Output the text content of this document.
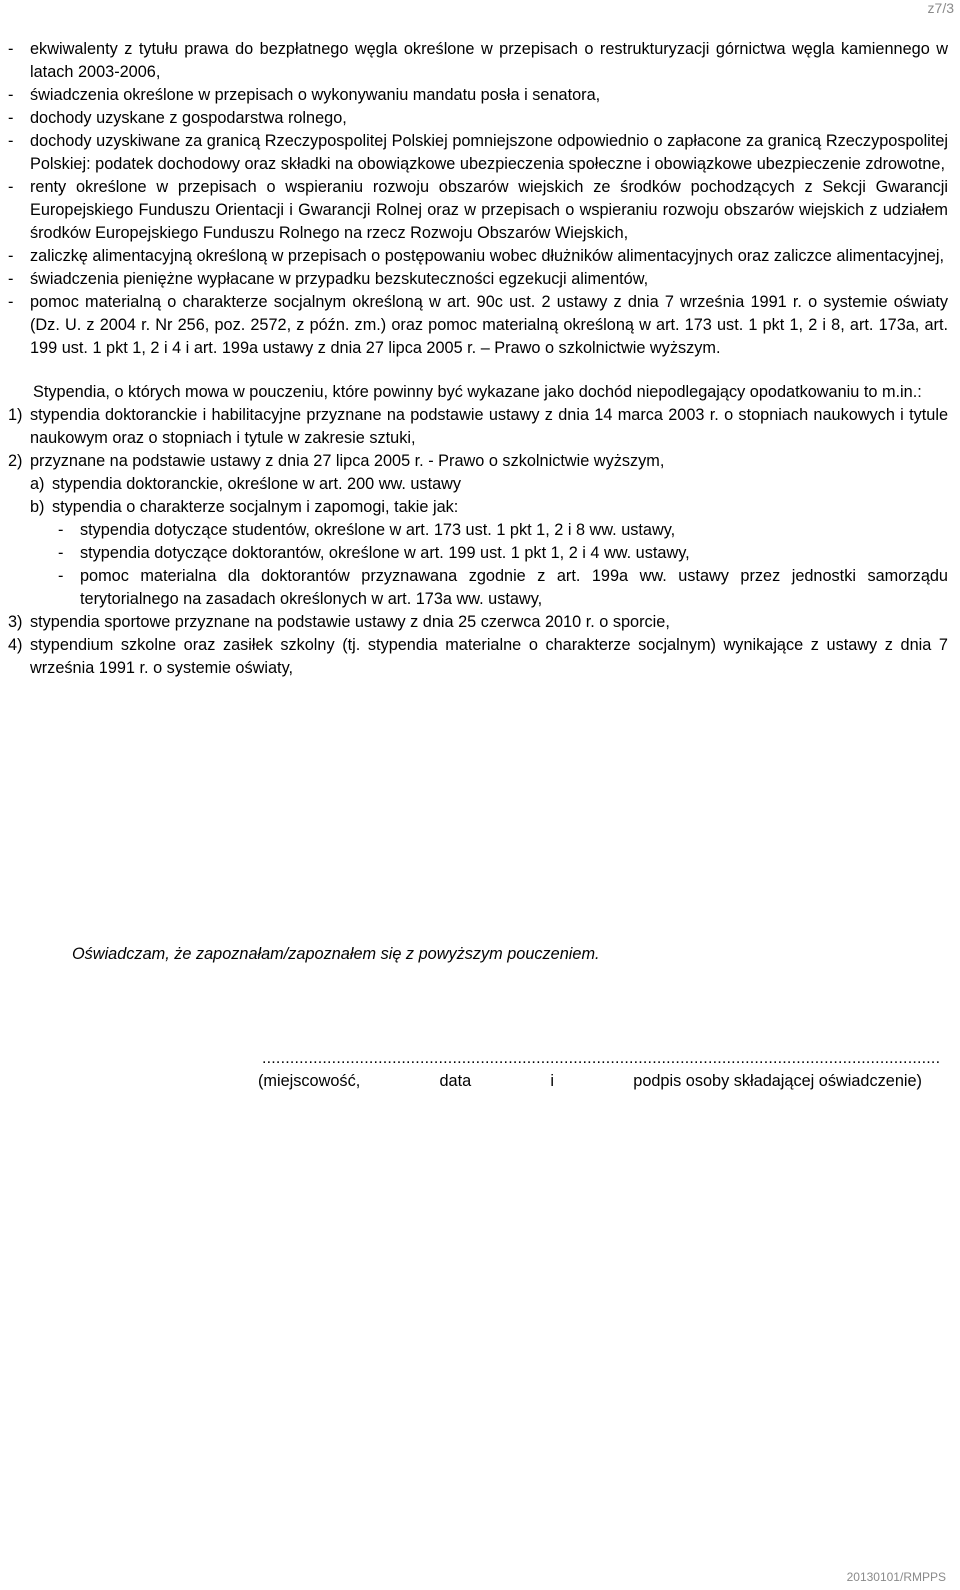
z7/3
- ekwiwalenty z tytułu prawa do bezpłatnego węgla określone w przepisach o restrukturyzacji górnictwa węgla kamiennego w latach 2003-2006,
- świadczenia określone w przepisach o wykonywaniu mandatu posła i senatora,
- dochody uzyskane z gospodarstwa rolnego,
- dochody uzyskiwane za granicą Rzeczypospolitej Polskiej pomniejszone odpowiednio o zapłacone za granicą Rzeczypospolitej Polskiej: podatek dochodowy oraz składki na obowiązkowe ubezpieczenia społeczne i obowiązkowe ubezpieczenie zdrowotne,
- renty określone w przepisach o wspieraniu rozwoju obszarów wiejskich ze środków pochodzących z Sekcji Gwarancji Europejskiego Funduszu Orientacji i Gwarancji Rolnej oraz w przepisach o wspieraniu rozwoju obszarów wiejskich z udziałem środków Europejskiego Funduszu Rolnego na rzecz Rozwoju Obszarów Wiejskich,
- zaliczkę alimentacyjną określoną w przepisach o postępowaniu wobec dłużników alimentacyjnych oraz zaliczce alimentacyjnej,
- świadczenia pieniężne wypłacane w przypadku bezskuteczności egzekucji alimentów,
- pomoc materialną o charakterze socjalnym określoną w art. 90c ust. 2 ustawy z dnia 7 września 1991 r. o systemie oświaty (Dz. U. z 2004 r. Nr 256, poz. 2572, z późn. zm.) oraz pomoc materialną określoną w art. 173 ust. 1 pkt 1, 2 i 8, art. 173a, art. 199 ust. 1 pkt 1, 2 i 4 i art. 199a ustawy z dnia 27 lipca 2005 r. – Prawo o szkolnictwie wyższym.
Stypendia, o których mowa w pouczeniu, które powinny być wykazane jako dochód niepodlegający opodatkowaniu to m.in.:
1) stypendia doktoranckie i habilitacyjne przyznane na podstawie ustawy z dnia 14 marca 2003 r. o stopniach naukowych i tytule naukowym oraz o stopniach i tytule w zakresie sztuki,
2) przyznane na podstawie ustawy z dnia 27 lipca 2005 r. - Prawo o szkolnictwie wyższym,
a) stypendia doktoranckie, określone w art. 200 ww. ustawy
b) stypendia o charakterze socjalnym i zapomogi, takie jak:
- stypendia dotyczące studentów, określone w art. 173 ust. 1 pkt 1, 2 i 8 ww. ustawy,
- stypendia dotyczące doktorantów, określone w art. 199 ust. 1 pkt 1, 2 i 4 ww. ustawy,
- pomoc materialna dla doktorantów przyznawana zgodnie z art. 199a ww. ustawy przez jednostki samorządu terytorialnego na zasadach określonych w art. 173a ww. ustawy,
3) stypendia sportowe przyznane na podstawie ustawy z dnia 25 czerwca 2010 r. o sporcie,
4) stypendium szkolne oraz zasiłek szkolny (tj. stypendia materialne o charakterze socjalnym) wynikające z ustawy z dnia 7 września 1991 r. o systemie oświaty,
Oświadczam, że zapoznałam/zapoznałem się z powyższym pouczeniem.
..................................................................................................................................................
(miejscowość,	data	i	podpis osoby składającej oświadczenie)
20130101/RMPPS
